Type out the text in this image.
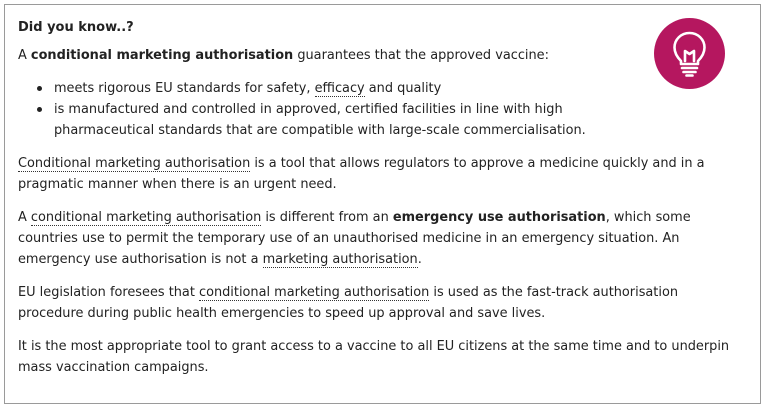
Did you know..?

A conditional marketing authorisation guarantees that the approved vaccine:

meets rigorous EU standards for safety, efficacy and quality
is manufactured and controlled in approved, certified facilities in line with high pharmaceutical standards that are compatible with large-scale commercialisation.

Conditional marketing authorisation is a tool that allows regulators to approve a medicine quickly and in a pragmatic manner when there is an urgent need.

A conditional marketing authorisation is different from an emergency use authorisation, which some countries use to permit the temporary use of an unauthorised medicine in an emergency situation. An emergency use authorisation is not a marketing authorisation.

EU legislation foresees that conditional marketing authorisation is used as the fast-track authorisation procedure during public health emergencies to speed up approval and save lives.

It is the most appropriate tool to grant access to a vaccine to all EU citizens at the same time and to underpin mass vaccination campaigns.
